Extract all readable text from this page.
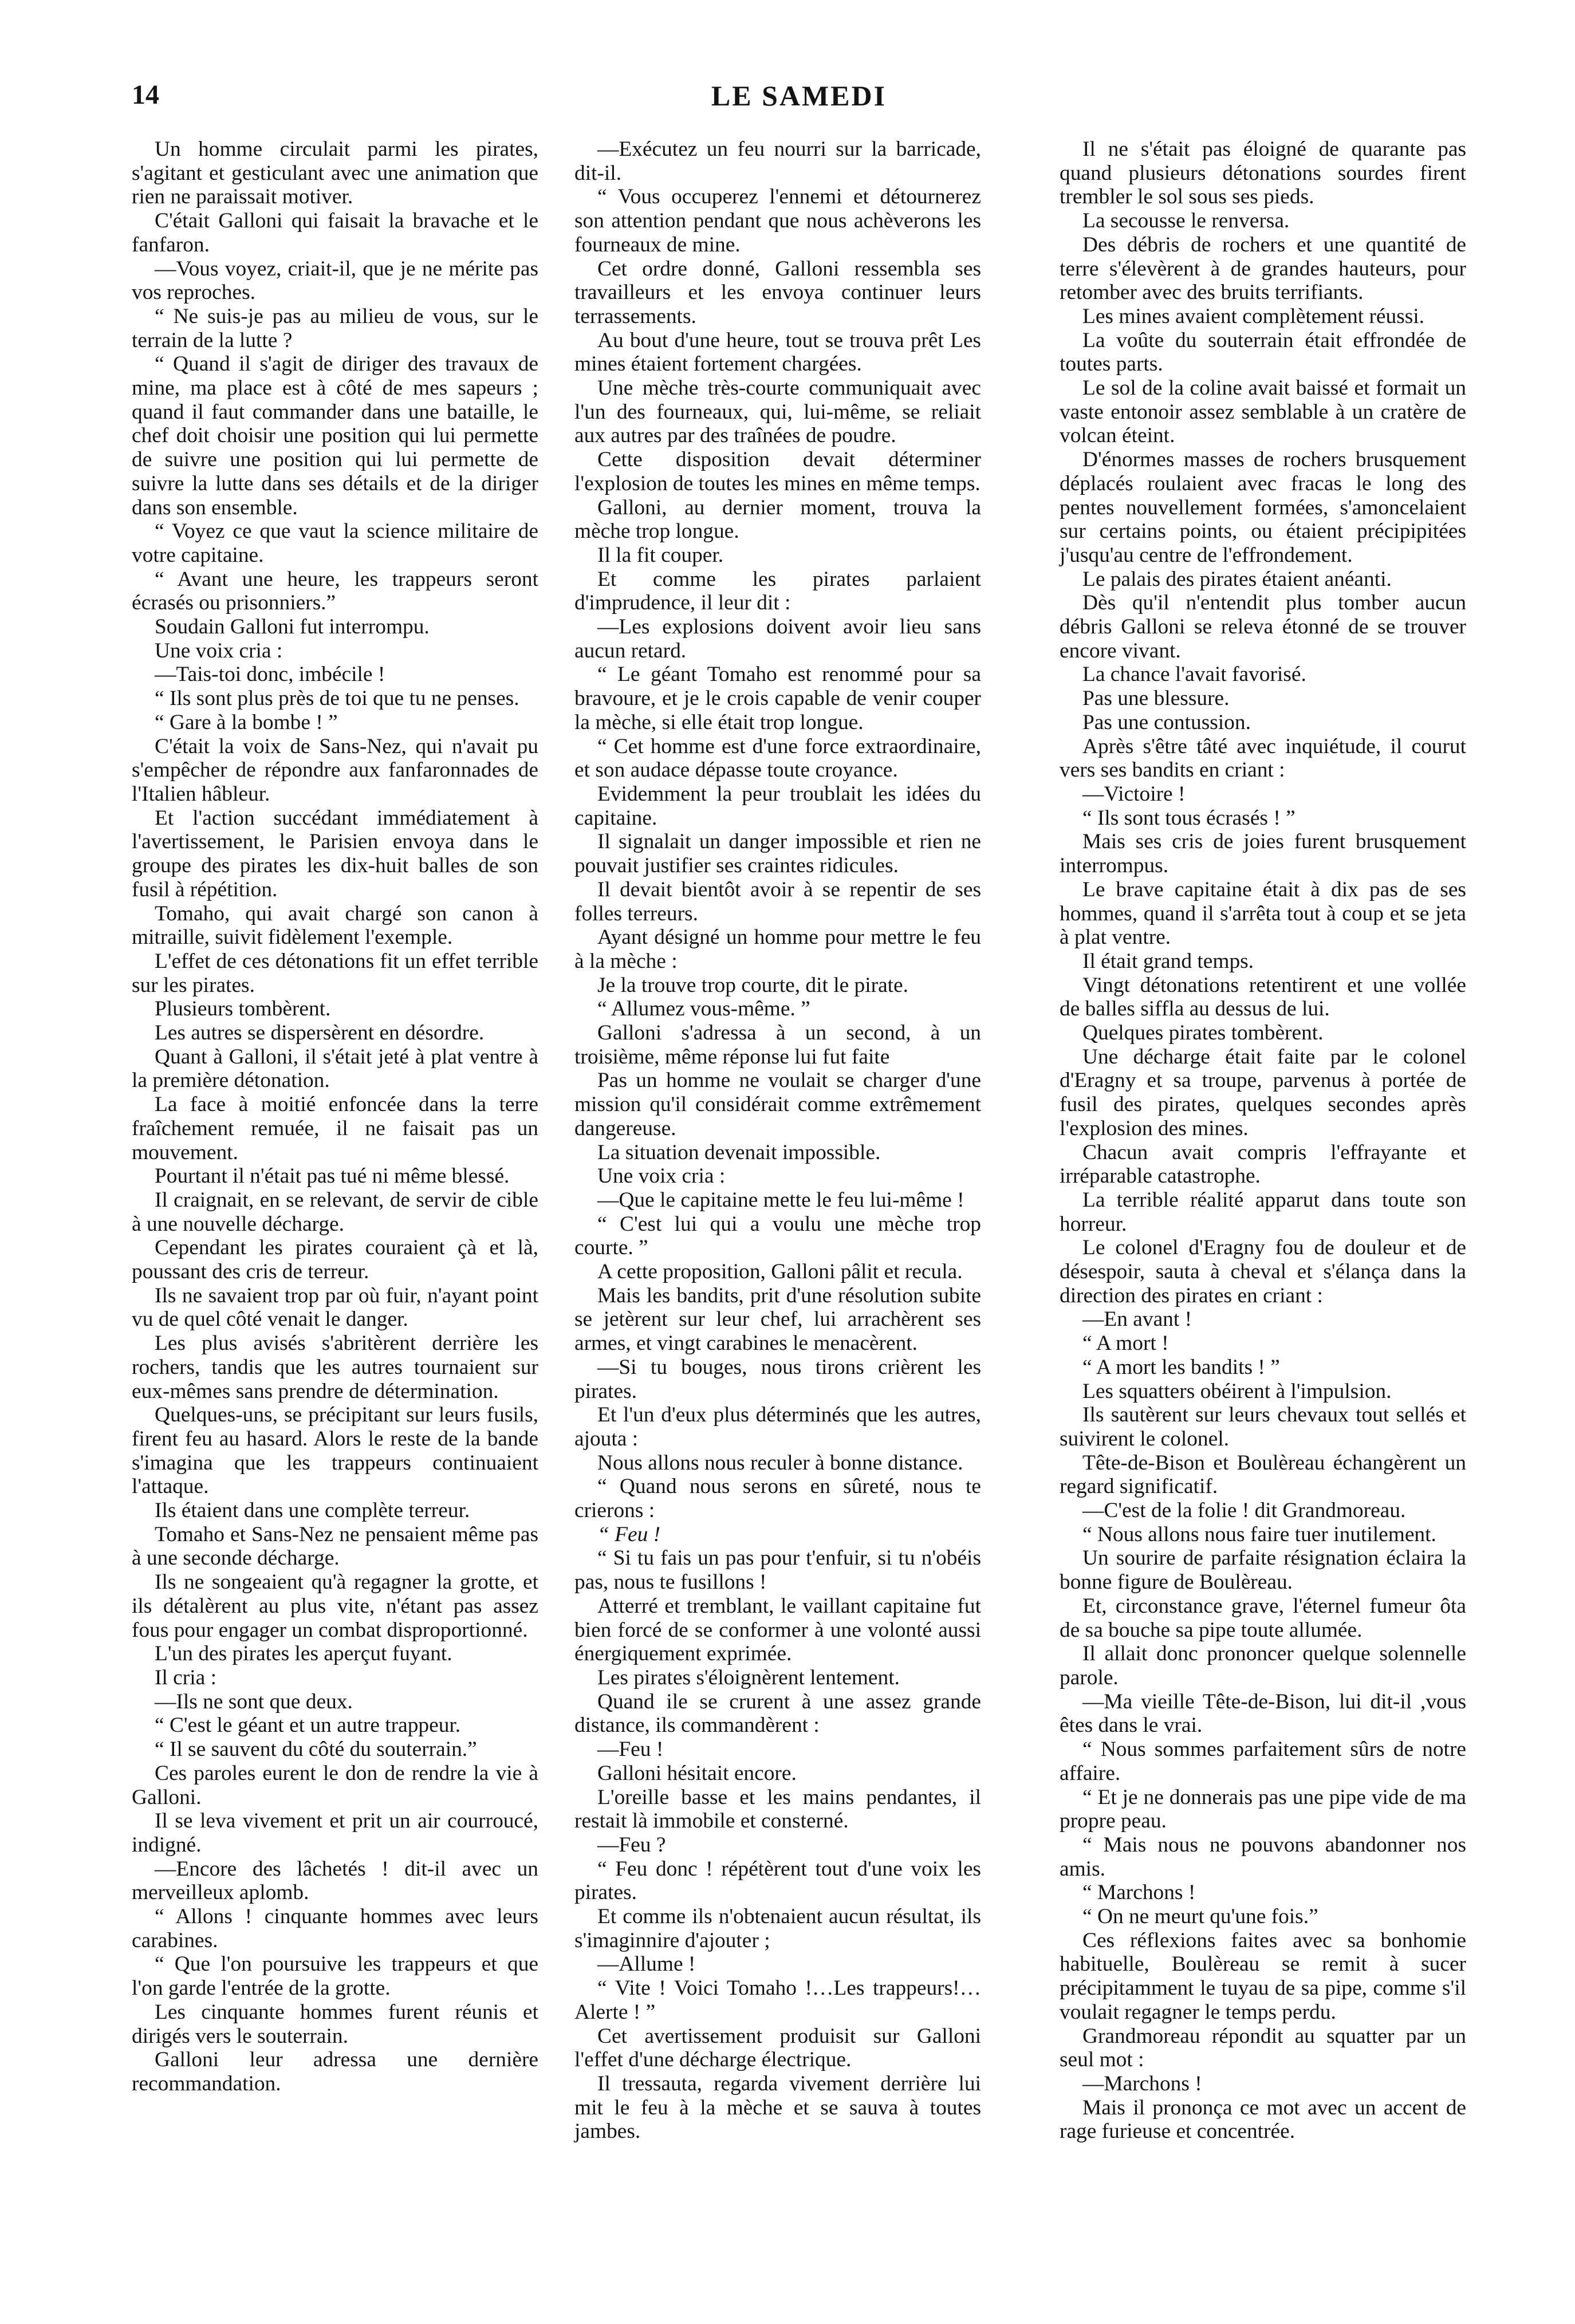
14	LE SAMEDI

Un homme circulait parmi les pirates, s'agitant et gesticulant avec une animation que rien ne paraissait motiver.

C'était Galloni qui faisait la bravache et le fanfaron.

—Vous voyez, criait-il, que je ne mérite pas vos reproches.

“ Ne suis-je pas au milieu de vous, sur le terrain de la lutte ?

“ Quand il s'agit de diriger des travaux de mine, ma place est à côté de mes sapeurs ; quand il faut commander dans une bataille, le chef doit choisir une position qui lui permette de suivre une position qui lui permette de suivre la lutte dans ses détails et de la diriger dans son ensemble.

“ Voyez ce que vaut la science militaire de votre capitaine.

“ Avant une heure, les trappeurs seront écrasés ou prisonniers.”

Soudain Galloni fut interrompu.

Une voix cria :

—Tais-toi donc, imbécile !

“ Ils sont plus près de toi que tu ne penses.

“ Gare à la bombe ! ”

C'était la voix de Sans-Nez, qui n'avait pu s'empêcher de répondre aux fanfaronnades de l'Italien hâbleur.

Et l'action succédant immédiatement à l'avertissement, le Parisien envoya dans le groupe des pirates les dix-huit balles de son fusil à répétition.

Tomaho, qui avait chargé son canon à mitraille, suivit fidèlement l'exemple.

L'effet de ces détonations fit un effet terrible sur les pirates.

Plusieurs tombèrent.

Les autres se dispersèrent en désordre.

Quant à Galloni, il s'était jeté à plat ventre à la première détonation.

La face à moitié enfoncée dans la terre fraîchement remuée, il ne faisait pas un mouvement.

Pourtant il n'était pas tué ni même blessé.

Il craignait, en se relevant, de servir de cible à une nouvelle décharge.

Cependant les pirates couraient çà et là, poussant des cris de terreur.

Ils ne savaient trop par où fuir, n'ayant point vu de quel côté venait le danger.

Les plus avisés s'abritèrent derrière les rochers, tandis que les autres tournaient sur eux-mêmes sans prendre de détermination.

Quelques-uns, se précipitant sur leurs fusils, firent feu au hasard. Alors le reste de la bande s'imagina que les trappeurs continuaient l'attaque.

Ils étaient dans une complète terreur.

Tomaho et Sans-Nez ne pensaient même pas à une seconde décharge.

Ils ne songeaient qu'à regagner la grotte, et ils détalèrent au plus vite, n'étant pas assez fous pour engager un combat disproportionné.

L'un des pirates les aperçut fuyant.

Il cria :

—Ils ne sont que deux.

“ C'est le géant et un autre trappeur.

“ Il se sauvent du côté du souterrain.”

Ces paroles eurent le don de rendre la vie à Galloni.

Il se leva vivement et prit un air courroucé, indigné.

—Encore des lâchetés ! dit-il avec un merveilleux aplomb.

“ Allons ! cinquante hommes avec leurs carabines.

“ Que l'on poursuive les trappeurs et que l'on garde l'entrée de la grotte.

Les cinquante hommes furent réunis et dirigés vers le souterrain.

Galloni leur adressa une dernière recommandation.

—Exécutez un feu nourri sur la barricade, dit-il.

“ Vous occuperez l'ennemi et détournerez son attention pendant que nous achèverons les fourneaux de mine.

Cet ordre donné, Galloni ressembla ses travailleurs et les envoya continuer leurs terrassements.

Au bout d'une heure, tout se trouva prêt Les mines étaient fortement chargées.

Une mèche très-courte communiquait avec l'un des fourneaux, qui, lui-même, se reliait aux autres par des traînées de poudre.

Cette disposition devait déterminer l'explosion de toutes les mines en même temps.

Galloni, au dernier moment, trouva la mèche trop longue.

Il la fit couper.

Et comme les pirates parlaient d'imprudence, il leur dit :

—Les explosions doivent avoir lieu sans aucun retard.

“ Le géant Tomaho est renommé pour sa bravoure, et je le crois capable de venir couper la mèche, si elle était trop longue.

“ Cet homme est d'une force extraordinaire, et son audace dépasse toute croyance.

Evidemment la peur troublait les idées du capitaine.

Il signalait un danger impossible et rien ne pouvait justifier ses craintes ridicules.

Il devait bientôt avoir à se repentir de ses folles terreurs.

Ayant désigné un homme pour mettre le feu à la mèche :

Je la trouve trop courte, dit le pirate.

“ Allumez vous-même. ”

Galloni s'adressa à un second, à un troisième, même réponse lui fut faite

Pas un homme ne voulait se charger d'une mission qu'il considérait comme extrêmement dangereuse.

La situation devenait impossible.

Une voix cria :

—Que le capitaine mette le feu lui-même !

“ C'est lui qui a voulu une mèche trop courte. ”

A cette proposition, Galloni pâlit et recula.

Mais les bandits, prit d'une résolution subite se jetèrent sur leur chef, lui arrachèrent ses armes, et vingt carabines le menacèrent.

—Si tu bouges, nous tirons crièrent les pirates.

Et l'un d'eux plus déterminés que les autres, ajouta :

Nous allons nous reculer à bonne distance.

“ Quand nous serons en sûreté, nous te crierons :

“ Feu !

“ Si tu fais un pas pour t'enfuir, si tu n'obéis pas, nous te fusillons !

Atterré et tremblant, le vaillant capitaine fut bien forcé de se conformer à une volonté aussi énergiquement exprimée.

Les pirates s'éloignèrent lentement.

Quand ile se crurent à une assez grande distance, ils commandèrent :

—Feu !

Galloni hésitait encore.

L'oreille basse et les mains pendantes, il restait là immobile et consterné.

—Feu ?

“ Feu donc ! répétèrent tout d'une voix les pirates.

Et comme ils n'obtenaient aucun résultat, ils s'imaginnire d'ajouter ;

—Allume !

“ Vite ! Voici Tomaho !…Les trappeurs!… Alerte ! ”

Cet avertissement produisit sur Galloni l'effet d'une décharge électrique.

Il tressauta, regarda vivement derrière lui mit le feu à la mèche et se sauva à toutes jambes.

Il ne s'était pas éloigné de quarante pas quand plusieurs détonations sourdes firent trembler le sol sous ses pieds.

La secousse le renversa.

Des débris de rochers et une quantité de terre s'élevèrent à de grandes hauteurs, pour retomber avec des bruits terrifiants.

Les mines avaient complètement réussi.

La voûte du souterrain était effrondée de toutes parts.

Le sol de la coline avait baissé et formait un vaste entonoir assez semblable à un cratère de volcan éteint.

D'énormes masses de rochers brusquement déplacés roulaient avec fracas le long des pentes nouvellement formées, s'amoncelaient sur certains points, ou étaient précipipitées j'usqu'au centre de l'effrondement.

Le palais des pirates étaient anéanti.

Dès qu'il n'entendit plus tomber aucun débris Galloni se releva étonné de se trouver encore vivant.

La chance l'avait favorisé.

Pas une blessure.

Pas une contussion.

Après s'être tâté avec inquiétude, il courut vers ses bandits en criant :

—Victoire !

“ Ils sont tous écrasés ! ”

Mais ses cris de joies furent brusquement interrompus.

Le brave capitaine était à dix pas de ses hommes, quand il s'arrêta tout à coup et se jeta à plat ventre.

Il était grand temps.

Vingt détonations retentirent et une vollée de balles siffla au dessus de lui.

Quelques pirates tombèrent.

Une décharge était faite par le colonel d'Eragny et sa troupe, parvenus à portée de fusil des pirates, quelques secondes après l'explosion des mines.

Chacun avait compris l'effrayante et irréparable catastrophe.

La terrible réalité apparut dans toute son horreur.

Le colonel d'Eragny fou de douleur et de désespoir, sauta à cheval et s'élança dans la direction des pirates en criant :

—En avant !

“ A mort !

“ A mort les bandits ! ”

Les squatters obéirent à l'impulsion.

Ils sautèrent sur leurs chevaux tout sellés et suivirent le colonel.

Tête-de-Bison et Boulèreau échangèrent un regard significatif.

—C'est de la folie ! dit Grandmoreau.

“ Nous allons nous faire tuer inutilement.

Un sourire de parfaite résignation éclaira la bonne figure de Boulèreau.

Et, circonstance grave, l'éternel fumeur ôta de sa bouche sa pipe toute allumée.

Il allait donc prononcer quelque solennelle parole.

—Ma vieille Tête-de-Bison, lui dit-il ,vous êtes dans le vrai.

“ Nous sommes parfaitement sûrs de notre affaire.

“ Et je ne donnerais pas une pipe vide de ma propre peau.

“ Mais nous ne pouvons abandonner nos amis.

“ Marchons !

“ On ne meurt qu'une fois.”

Ces réflexions faites avec sa bonhomie habituelle, Boulèreau se remit à sucer précipitamment le tuyau de sa pipe, comme s'il voulait regagner le temps perdu.

Grandmoreau répondit au squatter par un seul mot :

—Marchons !

Mais il prononça ce mot avec un accent de rage furieuse et concentrée.
